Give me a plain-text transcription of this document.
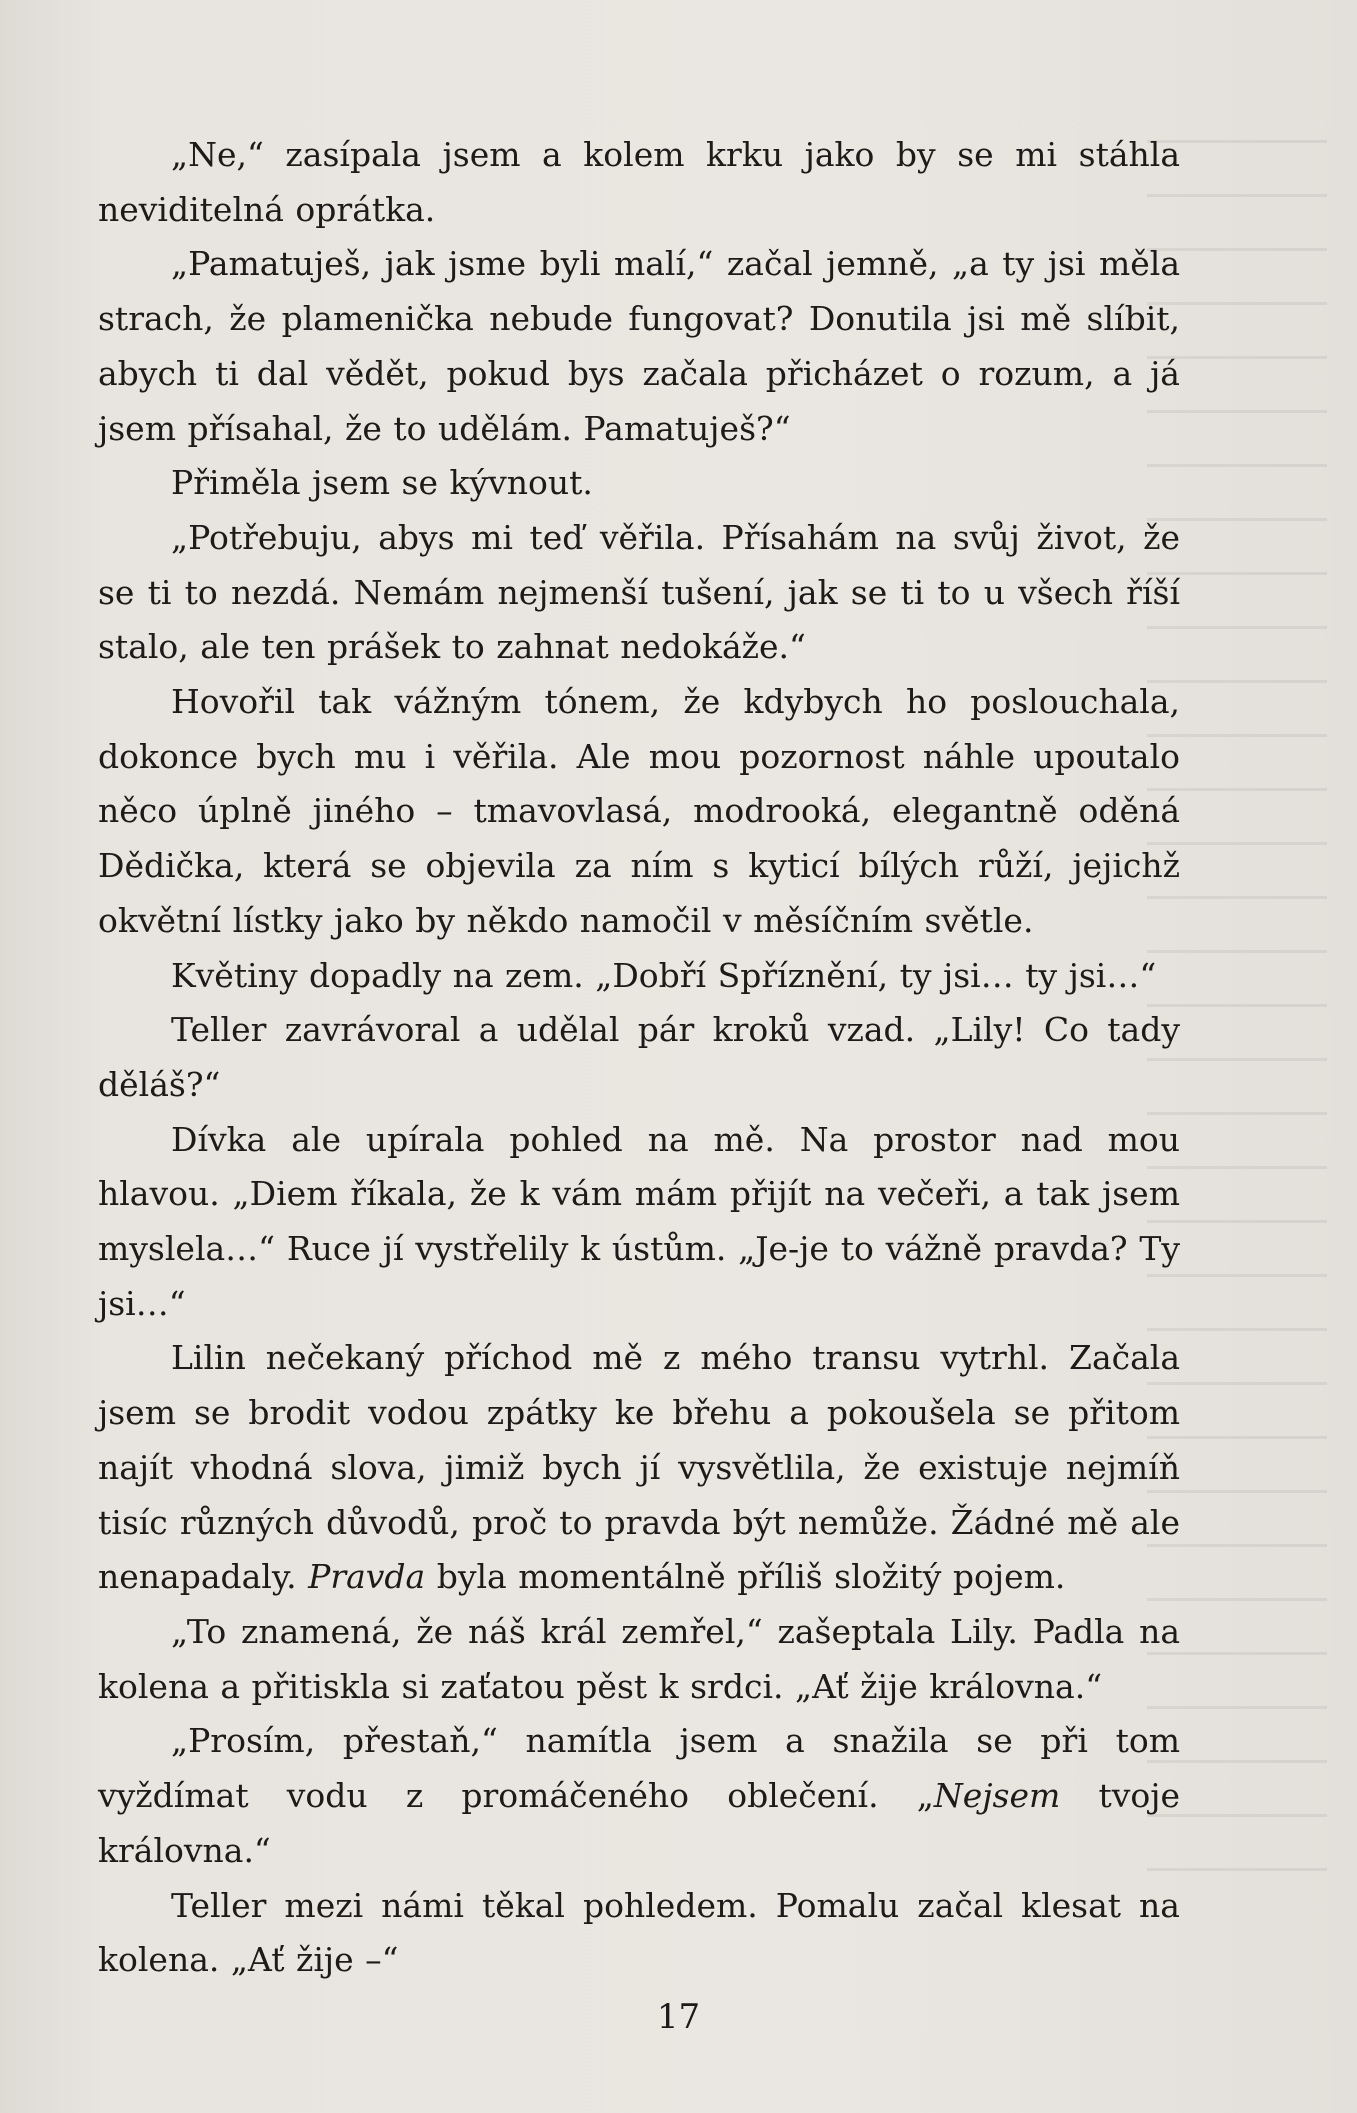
„Ne,“ zasípala jsem a kolem krku jako by se mi stáhla neviditelná oprátka.

„Pamatuješ, jak jsme byli malí,“ začal jemně, „a ty jsi měla strach, že plamenička nebude fungovat? Donutila jsi mě slíbit, abych ti dal vědět, pokud bys začala přicházet o rozum, a já jsem přísahal, že to udělám. Pamatuješ?“

Přiměla jsem se kývnout.

„Potřebuju, abys mi teď věřila. Přísahám na svůj život, že se ti to nezdá. Nemám nejmenší tušení, jak se ti to u všech říší stalo, ale ten prášek to zahnat nedokáže.“

Hovořil tak vážným tónem, že kdybych ho poslouchala, dokonce bych mu i věřila. Ale mou pozornost náhle upoutalo něco úplně jiného – tmavovlasá, modrooká, elegantně oděná Dědička, která se objevila za ním s kyticí bílých růží, jejichž okvětní lístky jako by někdo namočil v měsíčním světle.

Květiny dopadly na zem. „Dobří Spříznění, ty jsi… ty jsi…“

Teller zavrávoral a udělal pár kroků vzad. „Lily! Co tady děláš?“

Dívka ale upírala pohled na mě. Na prostor nad mou hlavou. „Diem říkala, že k vám mám přijít na večeři, a tak jsem myslela…“ Ruce jí vystřelily k ústům. „Je-je to vážně pravda? Ty jsi…“

Lilin nečekaný příchod mě z mého transu vytrhl. Začala jsem se brodit vodou zpátky ke břehu a pokoušela se přitom najít vhodná slova, jimiž bych jí vysvětlila, že existuje nejmíň tisíc různých důvodů, proč to pravda být nemůže. Žádné mě ale nenapadaly. Pravda byla momentálně příliš složitý pojem.

„To znamená, že náš král zemřel,“ zašeptala Lily. Padla na kolena a přitiskla si zaťatou pěst k srdci. „Ať žije královna.“

„Prosím, přestaň,“ namítla jsem a snažila se při tom vyždímat vodu z promáčeného oblečení. „Nejsem tvoje královna.“

Teller mezi námi těkal pohledem. Pomalu začal klesat na kolena. „Ať žije –“

17
